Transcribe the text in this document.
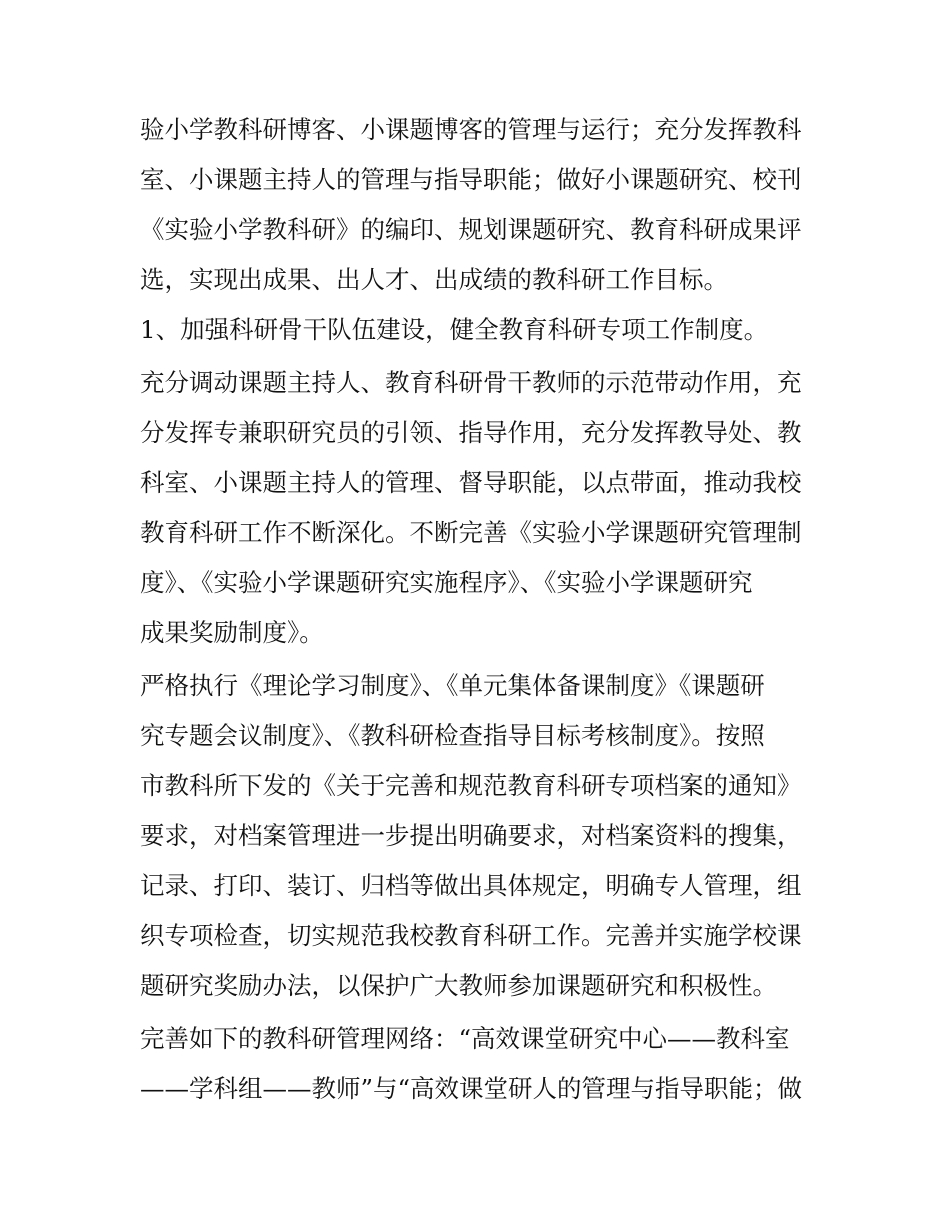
验小学教科研博客、小课题博客的管理与运行；充分发挥教科
室、小课题主持人的管理与指导职能；做好小课题研究、校刊
《实验小学教科研》的编印、规划课题研究、教育科研成果评
选，实现出成果、出人才、出成绩的教科研工作目标。
1、加强科研骨干队伍建设，健全教育科研专项工作制度。
充分调动课题主持人、教育科研骨干教师的示范带动作用，充
分发挥专兼职研究员的引领、指导作用，充分发挥教导处、教
科室、小课题主持人的管理、督导职能，以点带面，推动我校
教育科研工作不断深化。不断完善《实验小学课题研究管理制
度》、《实验小学课题研究实施程序》、《实验小学课题研究
成果奖励制度》。
严格执行《理论学习制度》、《单元集体备课制度》《课题研
究专题会议制度》、《教科研检查指导目标考核制度》。按照
市教科所下发的《关于完善和规范教育科研专项档案的通知》
要求，对档案管理进一步提出明确要求，对档案资料的搜集，
记录、打印、装订、归档等做出具体规定，明确专人管理，组
织专项检查，切实规范我校教育科研工作。完善并实施学校课
题研究奖励办法，以保护广大教师参加课题研究和积极性。
完善如下的教科研管理网络：“高效课堂研究中心——教科室
——学科组——教师”与“高效课堂研人的管理与指导职能；做
